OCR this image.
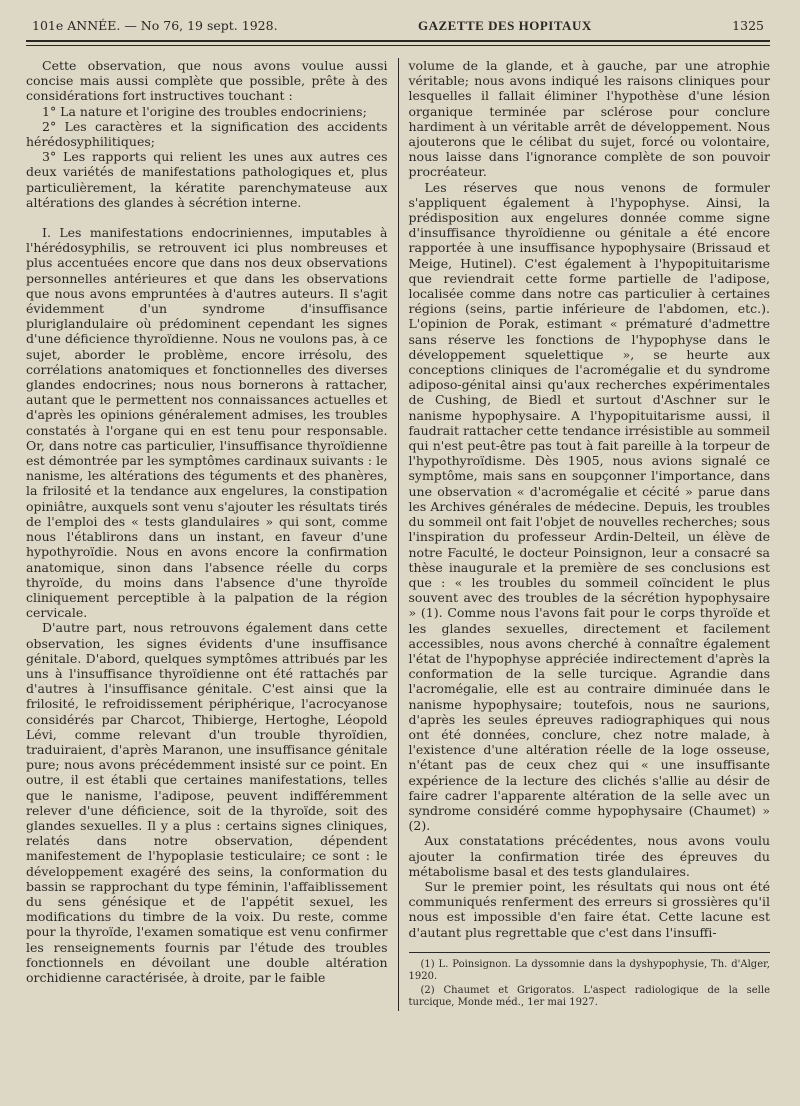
101e ANNÉE. — No 76, 19 sept. 1928.	GAZETTE DES HOPITAUX	1325

Cette observation, que nous avons voulue aussi concise mais aussi complète que possible, prête à des considérations fort instructives touchant :

1° La nature et l'origine des troubles endocriniens;

2° Les caractères et la signification des accidents hérédosyphilitiques;

3° Les rapports qui relient les unes aux autres ces deux variétés de manifestations pathologiques et, plus particulièrement, la kératite parenchymateuse aux altérations des glandes à sécrétion interne.

I. Les manifestations endocriniennes, imputables à l'hérédosyphilis, se retrouvent ici plus nombreuses et plus accentuées encore que dans nos deux observations personnelles antérieures et que dans les observations que nous avons empruntées à d'autres auteurs. Il s'agit évidemment d'un syndrome d'insuffisance pluriglandulaire où prédominent cependant les signes d'une déficience thyroïdienne. Nous ne voulons pas, à ce sujet, aborder le problème, encore irrésolu, des corrélations anatomiques et fonctionnelles des diverses glandes endocrines; nous nous bornerons à rattacher, autant que le permettent nos connaissances actuelles et d'après les opinions généralement admises, les troubles constatés à l'organe qui en est tenu pour responsable. Or, dans notre cas particulier, l'insuffisance thyroïdienne est démontrée par les symptômes cardinaux suivants : le nanisme, les altérations des téguments et des phanères, la frilosité et la tendance aux engelures, la constipation opiniâtre, auxquels sont venu s'ajouter les résultats tirés de l'emploi des « tests glandulaires » qui sont, comme nous l'établirons dans un instant, en faveur d'une hypothyroïdie. Nous en avons encore la confirmation anatomique, sinon dans l'absence réelle du corps thyroïde, du moins dans l'absence d'une thyroïde cliniquement perceptible à la palpation de la région cervicale.

D'autre part, nous retrouvons également dans cette observation, les signes évidents d'une insuffisance génitale. D'abord, quelques symptômes attribués par les uns à l'insuffisance thyroïdienne ont été rattachés par d'autres à l'insuffisance génitale. C'est ainsi que la frilosité, le refroidissement périphérique, l'acrocyanose considérés par Charcot, Thibierge, Hertoghe, Léopold Lévi, comme relevant d'un trouble thyroïdien, traduiraient, d'après Maranon, une insuffisance génitale pure; nous avons précédemment insisté sur ce point. En outre, il est établi que certaines manifestations, telles que le nanisme, l'adipose, peuvent indifféremment relever d'une déficience, soit de la thyroïde, soit des glandes sexuelles. Il y a plus : certains signes cliniques, relatés dans notre observation, dépendent manifestement de l'hypoplasie testiculaire; ce sont : le développement exagéré des seins, la conformation du bassin se rapprochant du type féminin, l'affaiblissement du sens génésique et de l'appétit sexuel, les modifications du timbre de la voix. Du reste, comme pour la thyroïde, l'examen somatique est venu confirmer les renseignements fournis par l'étude des troubles fonctionnels en dévoilant une double altération orchidienne caractérisée, à droite, par le faible

volume de la glande, et à gauche, par une atrophie véritable; nous avons indiqué les raisons cliniques pour lesquelles il fallait éliminer l'hypothèse d'une lésion organique terminée par sclérose pour conclure hardiment à un véritable arrêt de développement. Nous ajouterons que le célibat du sujet, forcé ou volontaire, nous laisse dans l'ignorance complète de son pouvoir procréateur.

Les réserves que nous venons de formuler s'appliquent également à l'hypophyse. Ainsi, la prédisposition aux engelures donnée comme signe d'insuffisance thyroïdienne ou génitale a été encore rapportée à une insuffisance hypophysaire (Brissaud et Meige, Hutinel). C'est également à l'hypopituitarisme que reviendrait cette forme partielle de l'adipose, localisée comme dans notre cas particulier à certaines régions (seins, partie inférieure de l'abdomen, etc.). L'opinion de Porak, estimant « prématuré d'admettre sans réserve les fonctions de l'hypophyse dans le développement squelettique », se heurte aux conceptions cliniques de l'acromégalie et du syndrome adiposo-génital ainsi qu'aux recherches expérimentales de Cushing, de Biedl et surtout d'Aschner sur le nanisme hypophysaire. A l'hypopituitarisme aussi, il faudrait rattacher cette tendance irrésistible au sommeil qui n'est peut-être pas tout à fait pareille à la torpeur de l'hypothyroïdisme. Dès 1905, nous avions signalé ce symptôme, mais sans en soupçonner l'importance, dans une observation « d'acromégalie et cécité » parue dans les Archives générales de médecine. Depuis, les troubles du sommeil ont fait l'objet de nouvelles recherches; sous l'inspiration du professeur Ardin-Delteil, un élève de notre Faculté, le docteur Poinsignon, leur a consacré sa thèse inaugurale et la première de ses conclusions est que : « les troubles du sommeil coïncident le plus souvent avec des troubles de la sécrétion hypophysaire » (1). Comme nous l'avons fait pour le corps thyroïde et les glandes sexuelles, directement et facilement accessibles, nous avons cherché à connaître également l'état de l'hypophyse appréciée indirectement d'après la conformation de la selle turcique. Agrandie dans l'acromégalie, elle est au contraire diminuée dans le nanisme hypophysaire; toutefois, nous ne saurions, d'après les seules épreuves radiographiques qui nous ont été données, conclure, chez notre malade, à l'existence d'une altération réelle de la loge osseuse, n'étant pas de ceux chez qui « une insuffisante expérience de la lecture des clichés s'allie au désir de faire cadrer l'apparente altération de la selle avec un syndrome considéré comme hypophysaire (Chaumet) » (2).

Aux constatations précédentes, nous avons voulu ajouter la confirmation tirée des épreuves du métabolisme basal et des tests glandulaires.

Sur le premier point, les résultats qui nous ont été communiqués renferment des erreurs si grossières qu'il nous est impossible d'en faire état. Cette lacune est d'autant plus regrettable que c'est dans l'insuffi-

(1) L. Poinsignon. La dyssomnie dans la dyshypophysie, Th. d'Alger, 1920.

(2) Chaumet et Grigoratos. L'aspect radiologique de la selle turcique, Monde méd., 1er mai 1927.
